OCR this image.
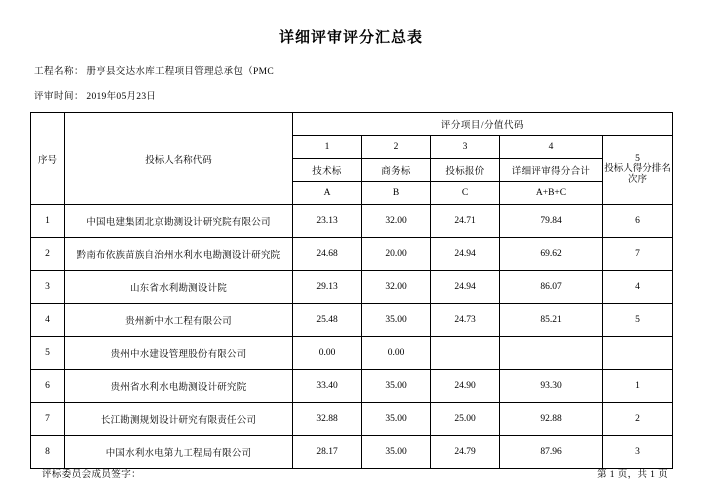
详细评审评分汇总表
工程名称： 册亨县交达水库工程项目管理总承包（PMC
评审时间： 2019年05月23日
序号	投标人名称代码	评分项目/分值代码				
		1	2	3	4	5
投标人得分排名次序

		技术标	商务标	投标报价	详细评审得分合计	
		A	B	C	A+B+C	
1	中国电建集团北京勘测设计研究院有限公司	23.13	32.00	24.71	79.84	6
2	黔南布依族苗族自治州水利水电勘测设计研究院	24.68	20.00	24.94	69.62	7
3	山东省水利勘测设计院	29.13	32.00	24.94	86.07	4
4	贵州新中水工程有限公司	25.48	35.00	24.73	85.21	5
5	贵州中水建设管理股份有限公司	0.00	0.00			
6	贵州省水利水电勘测设计研究院	33.40	35.00	24.90	93.30	1
7	长江勘测规划设计研究有限责任公司	32.88	35.00	25.00	92.88	2
8	中国水利水电第九工程局有限公司	28.17	35.00	24.79	87.96	3
评标委员会成员签字：	第 1 页，共 1 页
